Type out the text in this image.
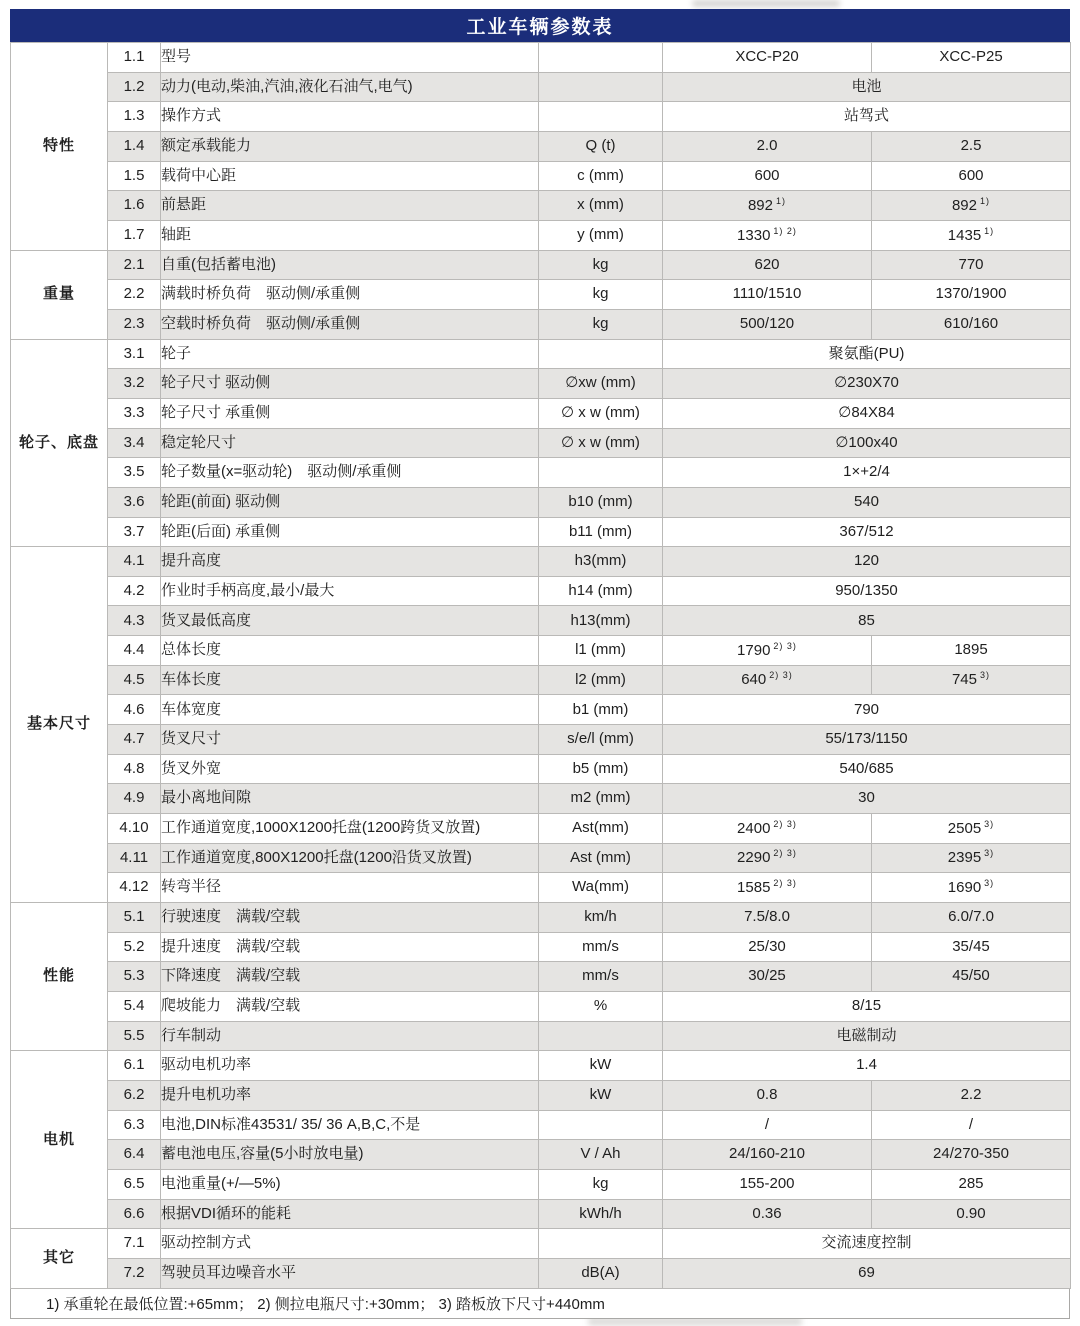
工业车辆参数表
特性	1.1	型号		XCC-P20	XCC-P25
	1.2	动力(电动,柴油,汽油,液化石油气,电气)		电池	
	1.3	操作方式		站驾式	
	1.4	额定承载能力	Q (t)	2.0	2.5
	1.5	载荷中心距	c (mm)	600	600
	1.6	前悬距	x (mm)	892 $^{1)}$	892 $^{1)}$
	1.7	轴距	y (mm)	1330 $^{1) 2)}$	1435 $^{1)}$
重量	2.1	自重(包括蓄电池)	kg	620	770
	2.2	满载时桥负荷　驱动侧/承重侧	kg	1110/1510	1370/1900
	2.3	空载时桥负荷　驱动侧/承重侧	kg	500/120	610/160
轮子、底盘	3.1	轮子		聚氨酯(PU)	
	3.2	轮子尺寸 驱动侧	∅xw (mm)	∅230X70	
	3.3	轮子尺寸 承重侧	∅ x w (mm)	∅84X84	
	3.4	稳定轮尺寸	∅ x w (mm)	∅100x40	
	3.5	轮子数量(x=驱动轮)　驱动侧/承重侧		1×+2/4	
	3.6	轮距(前面) 驱动侧	b10 (mm)	540	
	3.7	轮距(后面) 承重侧	b11 (mm)	367/512	
基本尺寸	4.1	提升高度	h3(mm)	120	
	4.2	作业时手柄高度,最小/最大	h14 (mm)	950/1350	
	4.3	货叉最低高度	h13(mm)	85	
	4.4	总体长度	l1 (mm)	1790 $^{2) 3)}$	1895
	4.5	车体长度	l2 (mm)	640 $^{2) 3)}$	745 $^{3)}$
	4.6	车体宽度	b1 (mm)	790	
	4.7	货叉尺寸	s/e/l (mm)	55/173/1150	
	4.8	货叉外宽	b5 (mm)	540/685	
	4.9	最小离地间隙	m2 (mm)	30	
	4.10	工作通道宽度,1000X1200托盘(1200跨货叉放置)	Ast(mm)	2400 $^{2) 3)}$	2505 $^{3)}$
	4.11	工作通道宽度,800X1200托盘(1200沿货叉放置)	Ast (mm)	2290 $^{2) 3)}$	2395 $^{3)}$
	4.12	转弯半径	Wa(mm)	1585 $^{2) 3)}$	1690 $^{3)}$
性能	5.1	行驶速度　满载/空载	km/h	7.5/8.0	6.0/7.0
	5.2	提升速度　满载/空载	mm/s	25/30	35/45
	5.3	下降速度　满载/空载	mm/s	30/25	45/50
	5.4	爬坡能力　满载/空载	%	8/15	
	5.5	行车制动		电磁制动	
电机	6.1	驱动电机功率	kW	1.4	
	6.2	提升电机功率	kW	0.8	2.2
	6.3	电池,DIN标准43531/ 35/ 36 A,B,C,不是		/	/
	6.4	蓄电池电压,容量(5小时放电量)	V / Ah	24/160-210	24/270-350
	6.5	电池重量(+/—5%)	kg	155-200	285
	6.6	根据VDI循环的能耗	kWh/h	0.36	0.90
其它	7.1	驱动控制方式		交流速度控制	
	7.2	驾驶员耳边噪音水平	dB(A)	69	
1) 承重轮在最低位置:+65mm； 2) 侧拉电瓶尺寸:+30mm； 3) 踏板放下尺寸+440mm
